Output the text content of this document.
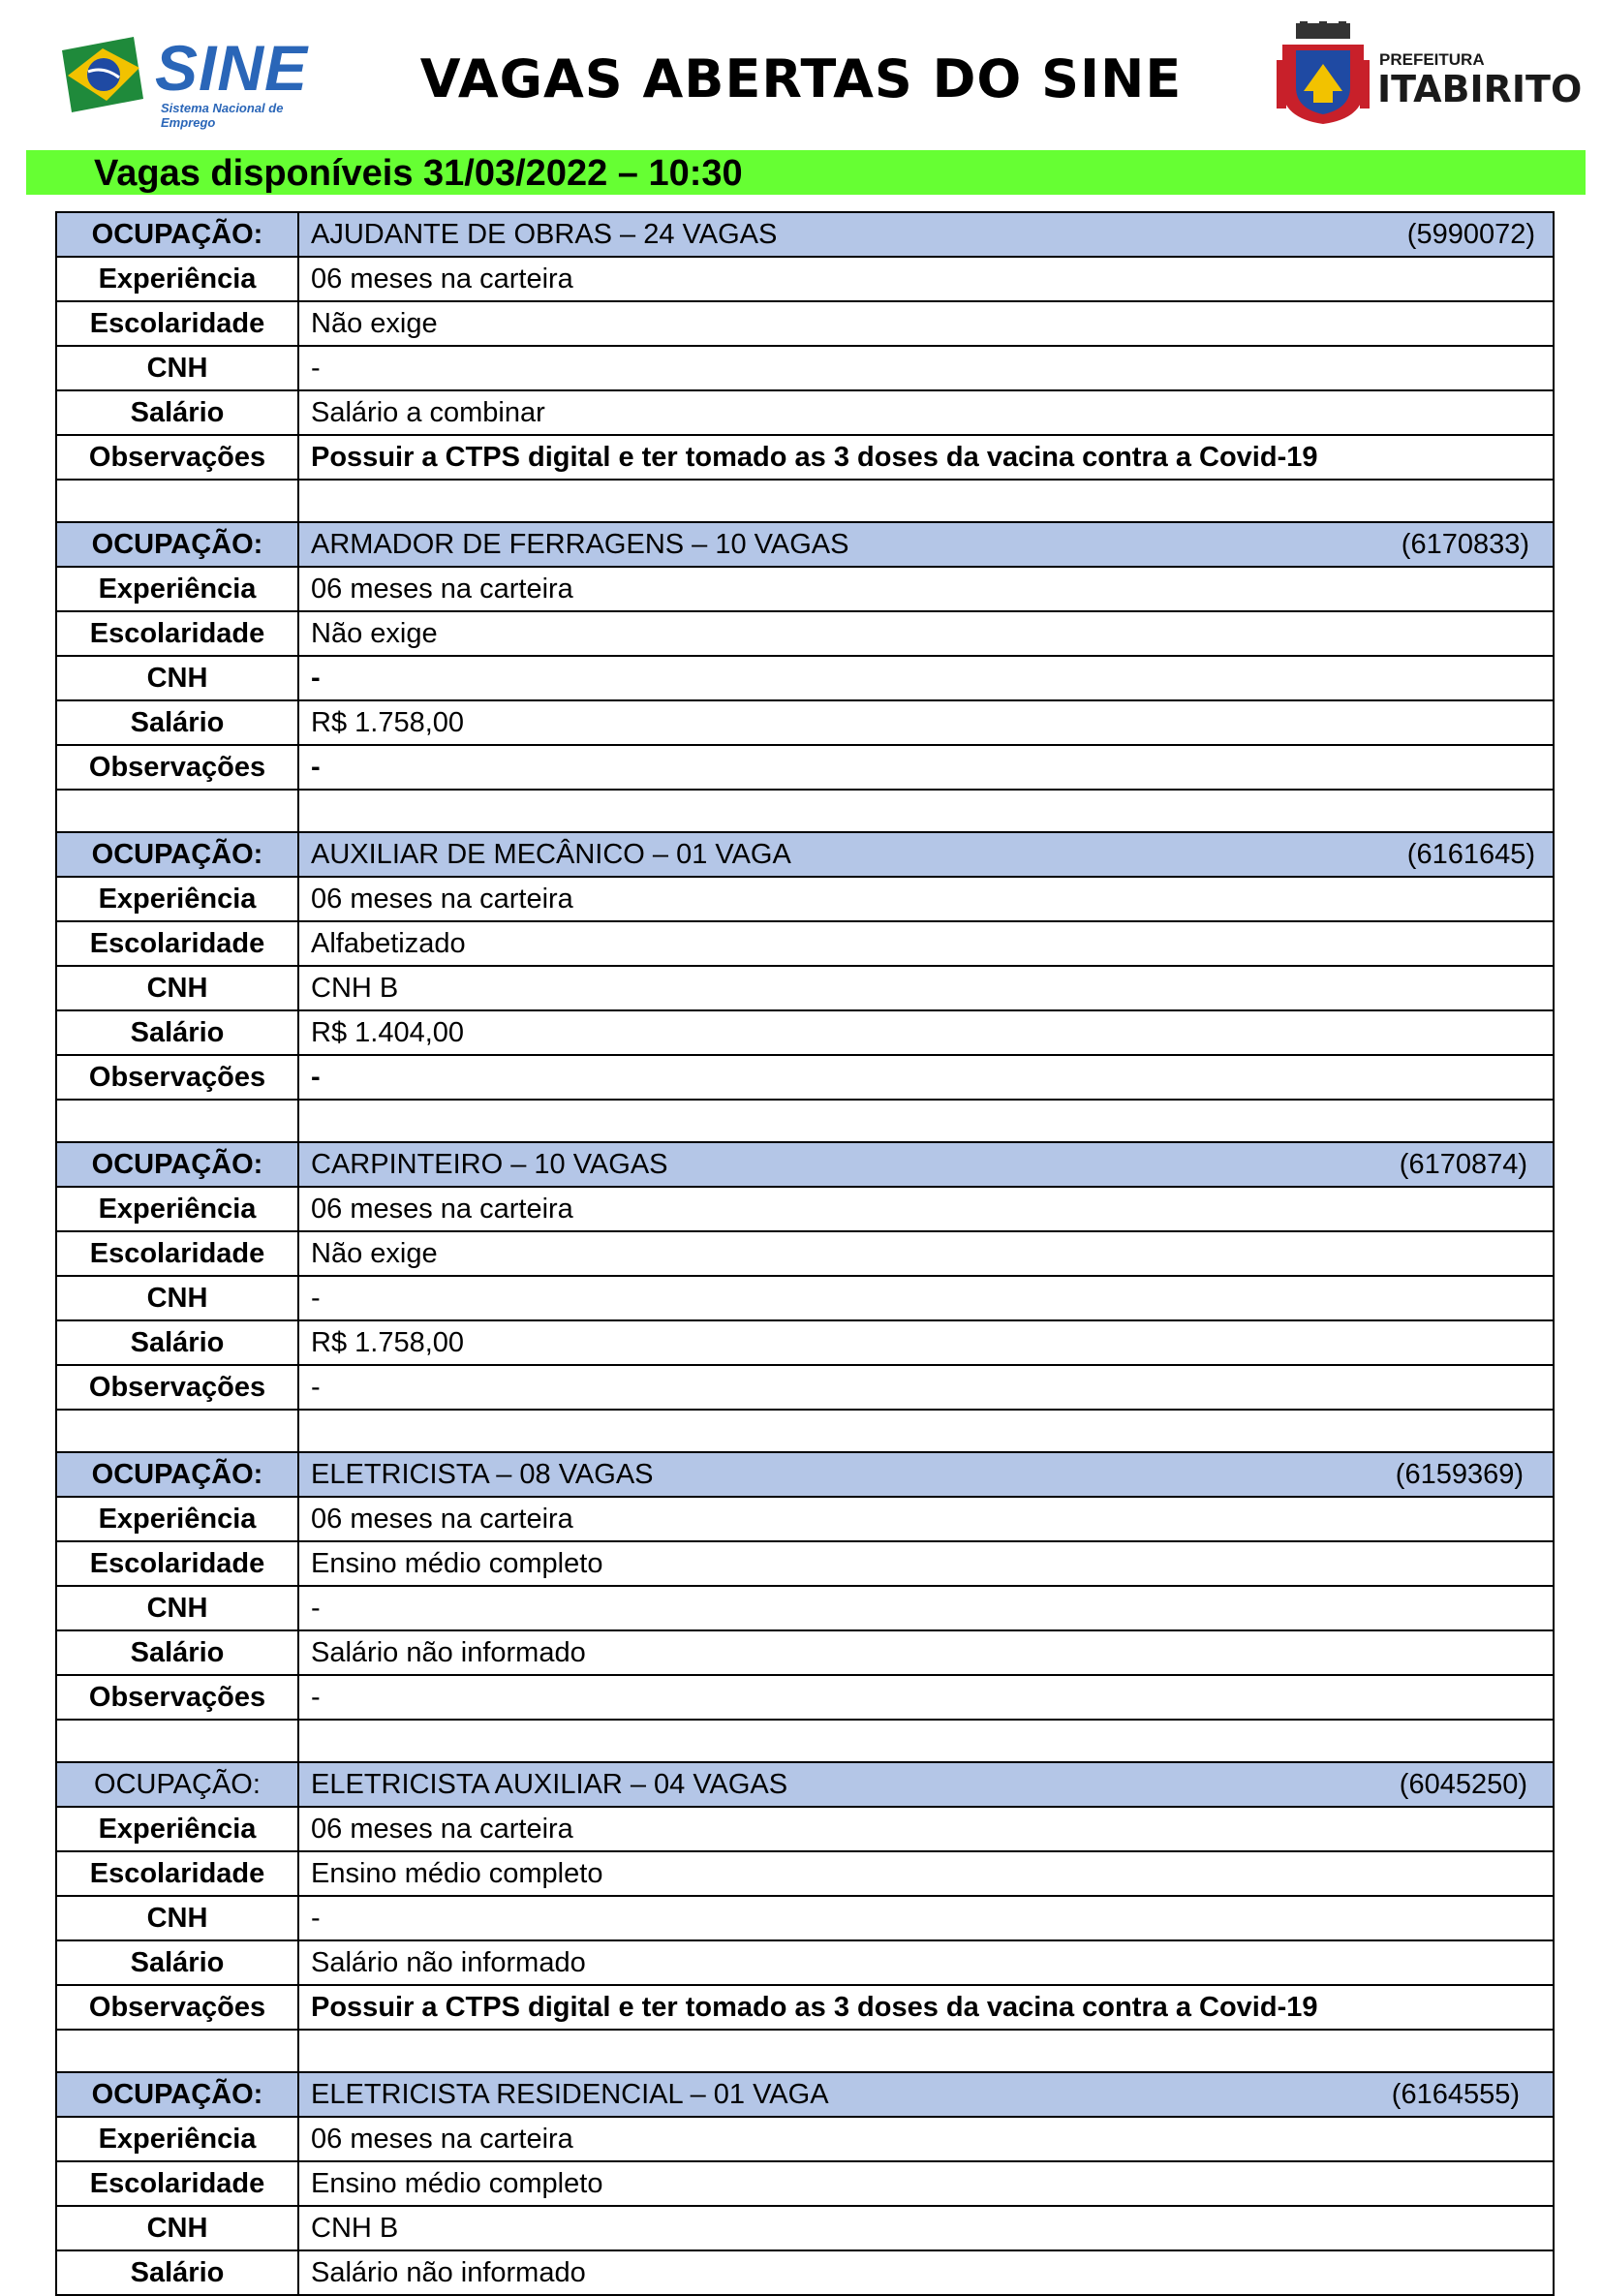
SINE
Sistema Nacional de Emprego
VAGAS ABERTAS DO SINE	PREFEITURA
ITABIRITO
Vagas disponíveis 31/03/2022 – 10:30
OCUPAÇÃO:	AJUDANTE DE OBRAS – 24 VAGAS (5990072)

Experiência	06 meses na carteira
Escolaridade	Não exige
CNH	-
Salário	Salário a combinar
Observações	Possuir a CTPS digital e ter tomado as 3 doses da vacina contra a Covid-19

OCUPAÇÃO:	ARMADOR DE FERRAGENS – 10 VAGAS (6170833)

Experiência	06 meses na carteira
Escolaridade	Não exige
CNH	-
Salário	R$ 1.758,00
Observações	-

OCUPAÇÃO:	AUXILIAR DE MECÂNICO – 01 VAGA (6161645)

Experiência	06 meses na carteira
Escolaridade	Alfabetizado
CNH	CNH B
Salário	R$ 1.404,00
Observações	-

OCUPAÇÃO:	CARPINTEIRO – 10 VAGAS (6170874)

Experiência	06 meses na carteira
Escolaridade	Não exige
CNH	-
Salário	R$ 1.758,00
Observações	-

OCUPAÇÃO:	ELETRICISTA – 08 VAGAS (6159369)

Experiência	06 meses na carteira
Escolaridade	Ensino médio completo
CNH	-
Salário	Salário não informado
Observações	-

OCUPAÇÃO:	ELETRICISTA AUXILIAR – 04 VAGAS (6045250)

Experiência	06 meses na carteira
Escolaridade	Ensino médio completo
CNH	-
Salário	Salário não informado
Observações	Possuir a CTPS digital e ter tomado as 3 doses da vacina contra a Covid-19

OCUPAÇÃO:	ELETRICISTA RESIDENCIAL – 01 VAGA (6164555)

Experiência	06 meses na carteira
Escolaridade	Ensino médio completo
CNH	CNH B
Salário	Salário não informado
